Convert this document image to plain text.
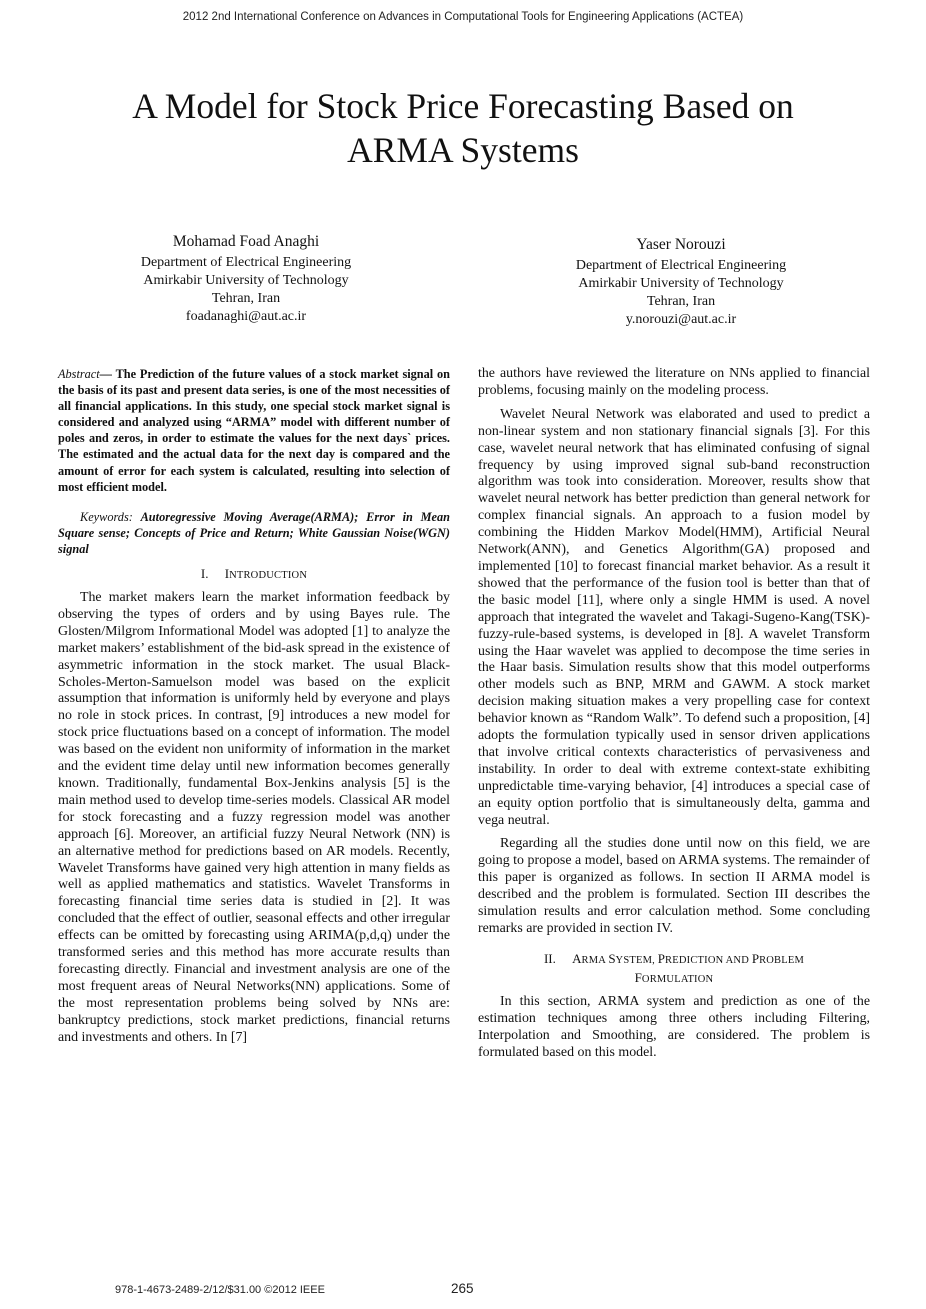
2012 2nd International Conference on Advances in Computational Tools for Engineering Applications (ACTEA)
A Model for Stock Price Forecasting Based on
ARMA Systems
Mohamad Foad Anaghi
Department of Electrical Engineering
Amirkabir University of Technology
Tehran, Iran
foadanaghi@aut.ac.ir
Yaser Norouzi
Department of Electrical Engineering
Amirkabir University of Technology
Tehran, Iran
y.norouzi@aut.ac.ir

Abstract— The Prediction of the future values of a stock market signal on the basis of its past and present data series, is one of the most necessities of all financial applications. In this study, one special stock market signal is considered and analyzed using “ARMA” model with different number of poles and zeros, in order to estimate the values for the next days` prices. The estimated and the actual data for the next day is compared and the amount of error for each system is calculated, resulting into selection of most efficient model.

Keywords: Autoregressive Moving Average(ARMA); Error in Mean Square sense; Concepts of Price and Return; White Gaussian Noise(WGN) signal

I. INTRODUCTION

The market makers learn the market information feedback by observing the types of orders and by using Bayes rule. The Glosten/Milgrom Informational Model was adopted [1] to analyze the market makers’ establishment of the bid-ask spread in the existence of asymmetric information in the stock market. The usual Black-Scholes-Merton-Samuelson model was based on the explicit assumption that information is uniformly held by everyone and plays no role in stock prices. In contrast, [9] introduces a new model for stock price fluctuations based on a concept of information. The model was based on the evident non uniformity of information in the market and the evident time delay until new information becomes generally known. Traditionally, fundamental Box-Jenkins analysis [5] is the main method used to develop time-series models. Classical AR model for stock forecasting and a fuzzy regression model was another approach [6]. Moreover, an artificial fuzzy Neural Network (NN) is an alternative method for predictions based on AR models. Recently, Wavelet Transforms have gained very high attention in many fields as well as applied mathematics and statistics. Wavelet Transforms in forecasting financial time series data is studied in [2]. It was concluded that the effect of outlier, seasonal effects and other irregular effects can be omitted by forecasting using ARIMA(p,d,q) under the transformed series and this method has more accurate results than forecasting directly. Financial and investment analysis are one of the most frequent areas of Neural Networks(NN) applications. Some of the most representation problems being solved by NNs are: bankruptcy predictions, stock market predictions, financial returns and investments and others. In [7]

the authors have reviewed the literature on NNs applied to financial problems, focusing mainly on the modeling process.

Wavelet Neural Network was elaborated and used to predict a non-linear system and non stationary financial signals [3]. For this case, wavelet neural network that has eliminated confusing of signal frequency by using improved signal sub-band reconstruction algorithm was took into consideration. Moreover, results show that wavelet neural network has better prediction than general network for complex financial signals. An approach to a fusion model by combining the Hidden Markov Model(HMM), Artificial Neural Network(ANN), and Genetics Algorithm(GA) proposed and implemented [10] to forecast financial market behavior. As a result it showed that the performance of the fusion tool is better than that of the basic model [11], where only a single HMM is used. A novel approach that integrated the wavelet and Takagi-Sugeno-Kang(TSK)-fuzzy-rule-based systems, is developed in [8]. A wavelet Transform using the Haar wavelet was applied to decompose the time series in the Haar basis. Simulation results show that this model outperforms other models such as BNP, MRM and GAWM. A stock market decision making situation makes a very propelling case for context behavior known as “Random Walk”. To defend such a proposition, [4] adopts the formulation typically used in sensor driven applications that involve critical contexts characteristics of pervasiveness and instability. In order to deal with extreme context-state exhibiting unpredictable time-varying behavior, [4] introduces a special case of an equity option portfolio that is simultaneously delta, gamma and vega neutral.

Regarding all the studies done until now on this field, we are going to propose a model, based on ARMA systems. The remainder of this paper is organized as follows. In section II ARMA model is described and the problem is formulated. Section III describes the simulation results and error calculation method. Some concluding remarks are provided in section IV.

II. ARMA SYSTEM, PREDICTION AND PROBLEM
FORMULATION

In this section, ARMA system and prediction as one of the estimation techniques among three others including Filtering, Interpolation and Smoothing, are considered. The problem is formulated based on this model.

978-1-4673-2489-2/12/$31.00 ©2012 IEEE	265
